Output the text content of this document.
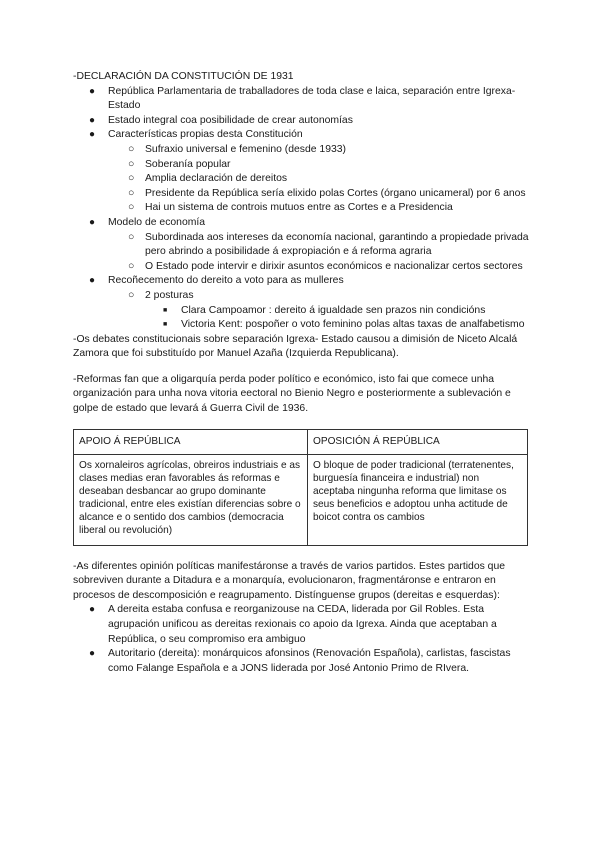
-DECLARACIÓN DA CONSTITUCIÓN DE 1931

● República Parlamentaria de traballadores de toda clase e laica, separación entre Igrexa- Estado
● Estado integral coa posibilidade de crear autonomías
● Características propias desta Constitución
○ Sufraxio universal e femenino (desde 1933)
○ Soberanía popular
○ Amplia declaración de dereitos
○ Presidente da República sería elixido polas Cortes (órgano unicameral) por 6 anos
○ Hai un sistema de controis mutuos entre as Cortes e a Presidencia
● Modelo de economía
○ Subordinada aos intereses da economía nacional, garantindo a propiedade privada pero abrindo a posibilidade á expropiación e á reforma agraria
○ O Estado pode intervir e dirixir asuntos económicos e nacionalizar certos sectores
● Recoñecemento do dereito a voto para as mulleres
○ 2 posturas
■ Clara Campoamor : dereito á igualdade sen prazos nin condicións
■ Victoria Kent: pospoñer o voto feminino polas altas taxas de analfabetismo

-Os debates constitucionais sobre separación Igrexa- Estado causou a dimisión de Niceto Alcalá Zamora que foi substituído por Manuel Azaña (Izquierda Republicana).

-Reformas fan que a oligarquía perda poder político e económico, isto fai que comece unha organización para unha nova vitoria eectoral no Bienio Negro e posteriormente a sublevación e golpe de estado que levará á Guerra Civil de 1936.

APOIO Á REPÚBLICA	OPOSICIÓN Á REPÚBLICA
Os xornaleiros agrícolas, obreiros industriais e as clases medias eran favorables ás reformas e deseaban desbancar ao grupo dominante tradicional, entre eles existían diferencias sobre o alcance e o sentido dos cambios (democracia liberal ou revolución)	O bloque de poder tradicional (terratenentes, burguesía financeira e industrial) non aceptaba ningunha reforma que limitase os seus beneficios e adoptou unha actitude de boicot contra os cambios

-As diferentes opinión políticas manifestáronse a través de varios partidos. Estes partidos que sobreviven durante a Ditadura e a monarquía, evolucionaron, fragmentáronse e entraron en procesos de descomposición e reagrupamento. Distínguense grupos (dereitas e esquerdas):

● A dereita estaba confusa e reorganizouse na CEDA, liderada por Gil Robles. Esta agrupación unificou as dereitas rexionais co apoio da Igrexa. Ainda que aceptaban a República, o seu compromiso era ambiguo
● Autoritario (dereita): monárquicos afonsinos (Renovación Española), carlistas, fascistas como Falange Española e a JONS liderada por José Antonio Primo de RIvera.
